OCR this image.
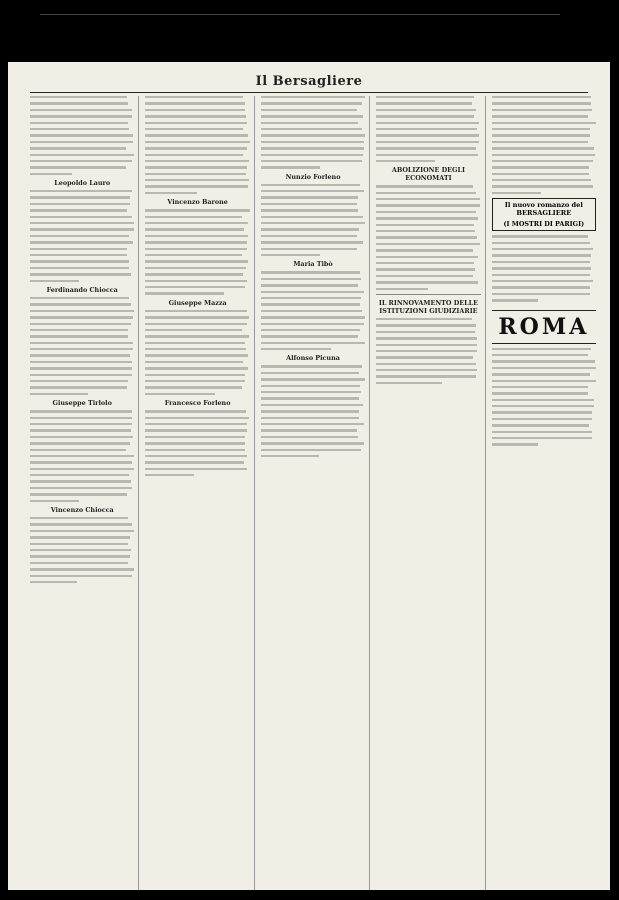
Il Bersagliere

Leopoldo Lauro

Ferdinando Chiocca

Giuseppe Tirlolo

Vincenzo Chiocca

Vincenzo Barone

Giuseppe Mazza

Francesco Forleno

Nunzio Forleno

Maria Tibò

Alfonso Picuna

ABOLIZIONE DEGLI ECONOMATI

IL RINNOVAMENTO DELLE ISTITUZIONI GIUDIZIARIE

Il nuovo romanzo del BERSAGLIERE
(I MOSTRI DI PARIGI)

ROMA
